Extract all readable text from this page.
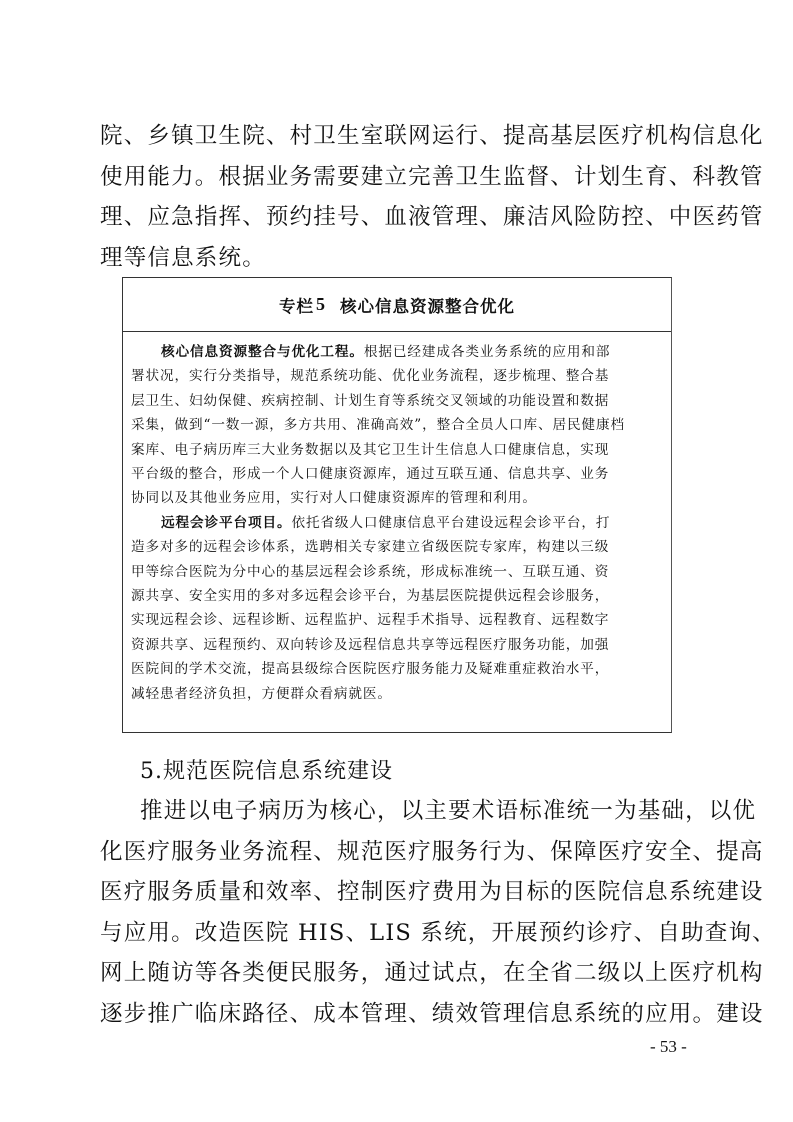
院、乡镇卫生院、村卫生室联网运行、提高基层医疗机构信息化
使用能力。根据业务需要建立完善卫生监督、计划生育、科教管
理、应急指挥、预约挂号、血液管理、廉洁风险防控、中医药管
理等信息系统。
专栏 5 核心信息资源整合优化
核心信息资源整合与优化工程。根据已经建成各类业务系统的应用和部
署状况，实行分类指导，规范系统功能、优化业务流程，逐步梳理、整合基
层卫生、妇幼保健、疾病控制、计划生育等系统交叉领域的功能设置和数据
采集，做到“一数一源，多方共用、准确高效”，整合全员人口库、居民健康档
案库、电子病历库三大业务数据以及其它卫生计生信息人口健康信息，实现
平台级的整合，形成一个人口健康资源库，通过互联互通、信息共享、业务
协同以及其他业务应用，实行对人口健康资源库的管理和利用。
远程会诊平台项目。依托省级人口健康信息平台建设远程会诊平台，打
造多对多的远程会诊体系，选聘相关专家建立省级医院专家库，构建以三级
甲等综合医院为分中心的基层远程会诊系统，形成标准统一、互联互通、资
源共享、安全实用的多对多远程会诊平台，为基层医院提供远程会诊服务，
实现远程会诊、远程诊断、远程监护、远程手术指导、远程教育、远程数字
资源共享、远程预约、双向转诊及远程信息共享等远程医疗服务功能，加强
医院间的学术交流，提高县级综合医院医疗服务能力及疑难重症救治水平，
减轻患者经济负担，方便群众看病就医。
5.规范医院信息系统建设
推进以电子病历为核心，以主要术语标准统一为基础，以优
化医疗服务业务流程、规范医疗服务行为、保障医疗安全、提高
医疗服务质量和效率、控制医疗费用为目标的医院信息系统建设
与应用。改造医院 HIS、LIS 系统，开展预约诊疗、自助查询、
网上随访等各类便民服务，通过试点，在全省二级以上医疗机构
逐步推广临床路径、成本管理、绩效管理信息系统的应用。建设
- 53 -
